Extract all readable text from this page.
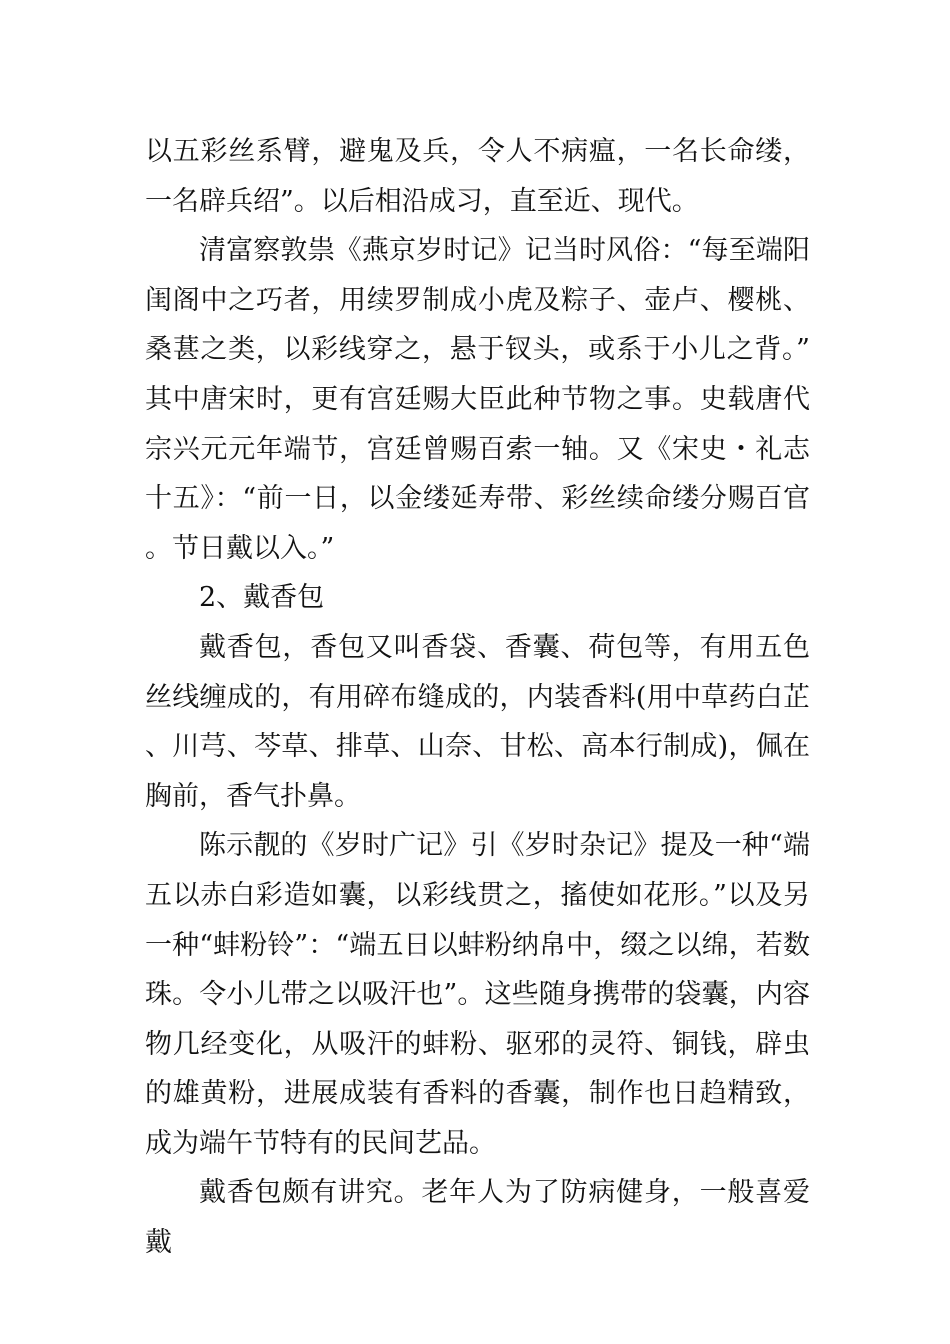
以五彩丝系臂，避鬼及兵，令人不病瘟，一名长命缕，一名辟兵绍”。以后相沿成习，直至近、现代。

清富察敦祟《燕京岁时记》记当时风俗：“每至端阳闺阁中之巧者，用续罗制成小虎及粽子、壶卢、樱桃、桑葚之类，以彩线穿之，悬于钗头，或系于小儿之背。”其中唐宋时，更有宫廷赐大臣此种节物之事。史载唐代宗兴元元年端节，宫廷曾赐百索一轴。又《宋史・礼志十五》：“前一日，以金缕延寿带、彩丝续命缕分赐百官。节日戴以入。”

2、戴香包

戴香包，香包又叫香袋、香囊、荷包等，有用五色丝线缠成的，有用碎布缝成的，内装香料(用中草药白芷、川芎、芩草、排草、山奈、甘松、高本行制成)，佩在胸前，香气扑鼻。

陈示靓的《岁时广记》引《岁时杂记》提及一种“端五以赤白彩造如囊，以彩线贯之，搐使如花形。”以及另一种“蚌粉铃”：“端五日以蚌粉纳帛中，缀之以绵，若数珠。令小儿带之以吸汗也”。这些随身携带的袋囊，内容物几经变化，从吸汗的蚌粉、驱邪的灵符、铜钱，辟虫的雄黄粉，进展成装有香料的香囊，制作也日趋精致，成为端午节特有的民间艺品。

戴香包颇有讲究。老年人为了防病健身，一般喜爱戴
